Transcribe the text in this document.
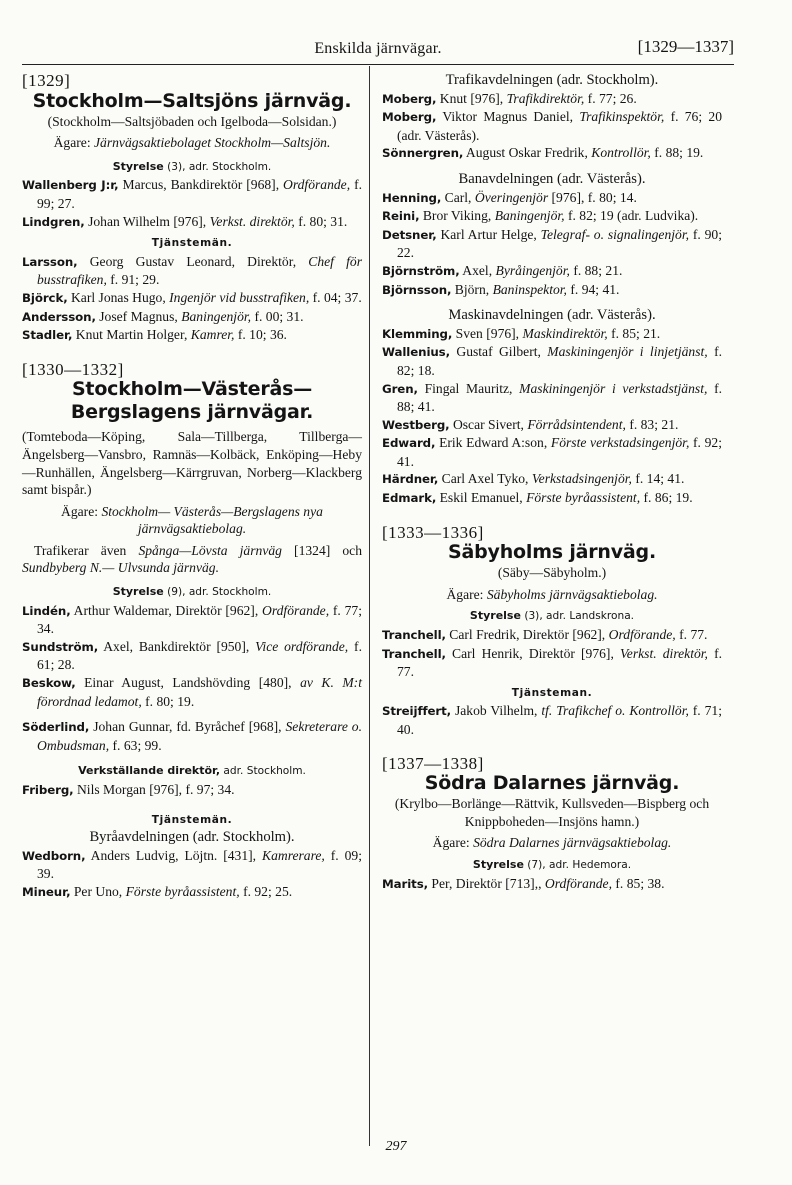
Enskilda järnvägar.	[1329—1337]

[1329]

Stockholm—Saltsjöns järnväg.

(Stockholm—Saltsjöbaden och Igelboda—Solsidan.)

Ägare: Järnvägsaktiebolaget Stockholm—Saltsjön.

Styrelse (3), adr. Stockholm.

Wallenberg J:r, Marcus, Bankdirektör [968], Ordförande, f. 99; 27.

Lindgren, Johan Wilhelm [976], Verkst. direktör, f. 80; 31.

Tjänstemän.

Larsson, Georg Gustav Leonard, Direktör, Chef för busstrafiken, f. 91; 29.

Björck, Karl Jonas Hugo, Ingenjör vid busstrafiken, f. 04; 37.

Andersson, Josef Magnus, Baningenjör, f. 00; 31.

Stadler, Knut Martin Holger, Kamrer, f. 10; 36.

[1330—1332]

Stockholm—Västerås—Bergslagens järnvägar.

(Tomteboda—Köping, Sala—Tillberga, Tillberga—Ängelsberg—Vansbro, Ramnäs—Kolbäck, Enköping—Heby—Runhällen, Ängelsberg—Kärrgruvan, Norberg—Klackberg samt bispår.)

Ägare: Stockholm— Västerås—Bergslagens nya järnvägsaktiebolag.

Trafikerar även Spånga—Lövsta järnväg [1324] och Sundbyberg N.— Ulvsunda järnväg.

Styrelse (9), adr. Stockholm.

Lindén, Arthur Waldemar, Direktör [962], Ordförande, f. 77; 34.

Sundström, Axel, Bankdirektör [950], Vice ordförande, f. 61; 28.

Beskow, Einar August, Landshövding [480], av K. M:t förordnad ledamot, f. 80; 19.

Söderlind, Johan Gunnar, fd. Byråchef [968], Sekreterare o. Ombudsman, f. 63; 99.

Verkställande direktör, adr. Stockholm.

Friberg, Nils Morgan [976], f. 97; 34.

Tjänstemän.

Byråavdelningen (adr. Stockholm).

Wedborn, Anders Ludvig, Löjtn. [431], Kamrerare, f. 09; 39.

Mineur, Per Uno, Förste byråassistent, f. 92; 25.

Trafikavdelningen (adr. Stockholm).

Moberg, Knut [976], Trafikdirektör, f. 77; 26.

Moberg, Viktor Magnus Daniel, Trafikinspektör, f. 76; 20 (adr. Västerås).

Sönnergren, August Oskar Fredrik, Kontrollör, f. 88; 19.

Banavdelningen (adr. Västerås).

Henning, Carl, Överingenjör [976], f. 80; 14.

Reini, Bror Viking, Baningenjör, f. 82; 19 (adr. Ludvika).

Detsner, Karl Artur Helge, Telegraf- o. signalingenjör, f. 90; 22.

Björnström, Axel, Byråingenjör, f. 88; 21.

Björnsson, Björn, Baninspektor, f. 94; 41.

Maskinavdelningen (adr. Västerås).

Klemming, Sven [976], Maskindirektör, f. 85; 21.

Wallenius, Gustaf Gilbert, Maskiningenjör i linjetjänst, f. 82; 18.

Gren, Fingal Mauritz, Maskiningenjör i verkstadstjänst, f. 88; 41.

Westberg, Oscar Sivert, Förrådsintendent, f. 83; 21.

Edward, Erik Edward A:son, Förste verkstadsingenjör, f. 92; 41.

Härdner, Carl Axel Tyko, Verkstadsingenjör, f. 14; 41.

Edmark, Eskil Emanuel, Förste byråassistent, f. 86; 19.

[1333—1336]

Säbyholms järnväg.

(Säby—Säbyholm.)

Ägare: Säbyholms järnvägsaktiebolag.

Styrelse (3), adr. Landskrona.

Tranchell, Carl Fredrik, Direktör [962], Ordförande, f. 77.

Tranchell, Carl Henrik, Direktör [976], Verkst. direktör, f. 77.

Tjänsteman.

Streijffert, Jakob Vilhelm, tf. Trafikchef o. Kontrollör, f. 71; 40.

[1337—1338]

Södra Dalarnes järnväg.

(Krylbo—Borlänge—Rättvik, Kullsveden—Bispberg och Knippboheden—Insjöns hamn.)

Ägare: Södra Dalarnes järnvägsaktiebolag.

Styrelse (7), adr. Hedemora.

Marits, Per, Direktör [713],, Ordförande, f. 85; 38.

297
